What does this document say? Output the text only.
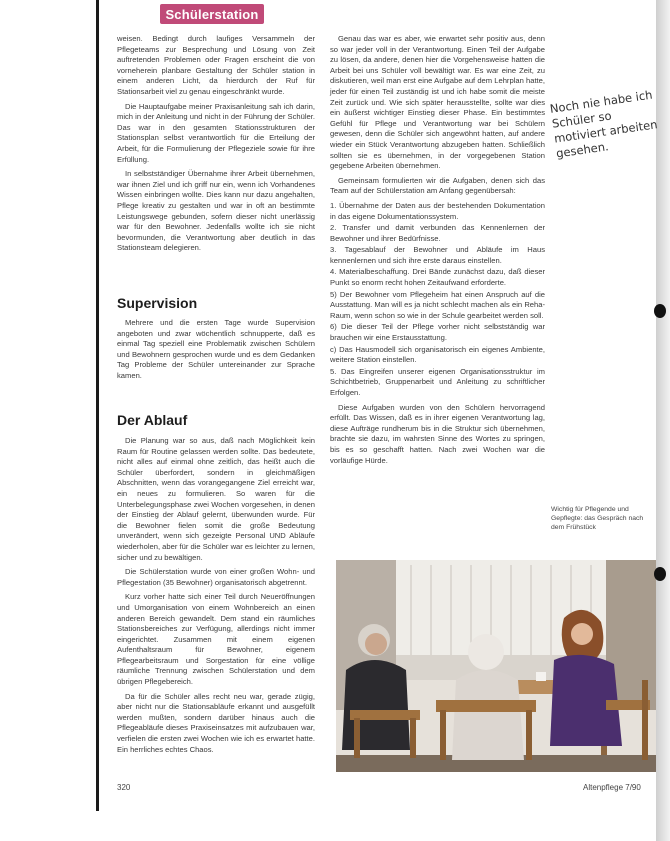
Schülerstation

weisen. Bedingt durch laufiges Versammeln der Pflegeteams zur Besprechung und Lösung von Zeit auftretenden Problemen oder Fragen erscheint die von vorneherein planbare Gestaltung der Schüler station in einem anderen Licht, da hierdurch der Ruf für Stationsarbeit viel zu genau eingeschränkt wurde.

Die Hauptaufgabe meiner Praxisanleitung sah ich darin, mich in der Anleitung und nicht in der Führung der Schüler. Das war in den gesamten Stationsstrukturen der Stationsplan selbst verantwortlich für die Erteilung der Arbeit, für die Formulierung der Pflegeziele sowie für ihre Erfüllung.

In selbstständiger Übernahme ihrer Arbeit übernehmen, war ihnen Ziel und ich griff nur ein, wenn ich Vorhandenes Wissen einbringen wollte. Dies kann nur dazu angehalten, Pflege kreativ zu gestalten und war in oft an bestimmte Leistungswege gebunden, sofern dieser nicht unerlässig war für den Bewohner. Jedenfalls wollte ich sie nicht bevormunden, die Verantwortung aber deutlich in das Stationsteam delegieren.

Supervision

Mehrere und die ersten Tage wurde Supervision angeboten und zwar wöchentlich schnupperte, daß es einmal Tag speziell eine Problematik zwischen Schülern und Bewohnern gesprochen wurde und es dem Gedanken Tag Probleme der Schüler untereinander zur Sprache kamen.

Der Ablauf

Die Planung war so aus, daß nach Möglichkeit kein Raum für Routine gelassen werden sollte. Das bedeutete, nicht alles auf einmal ohne zeitlich, das heißt auch die Schüler überfordert, sondern in gleichmäßigen Abschnitten, wenn das vorangegangene Ziel erreicht war, ein neues zu formulieren. So waren für die Unterbelegungsphase zwei Wochen vorgesehen, in denen der Einstieg der Ablauf gelernt, überwunden wurde. Für die Bewohner fielen somit die große Bedeutung unverändert, wenn sich gezeigte Personal UND Abläufe wiederholen, aber für die Schüler war es leichter zu lernen, sicher und zu bewältigen.

Die Schülerstation wurde von einer großen Wohn- und Pflegestation (35 Bewohner) organisatorisch abgetrennt.

Kurz vorher hatte sich einer Teil durch Neueröffnungen und Umorganisation von einem Wohnbereich an einen anderen Bereich gewandelt. Dem stand ein räumliches Stationsbereiches zur Verfügung, allerdings nicht immer eingerichtet. Zusammen mit einem eigenen Aufenthaltsraum für Bewohner, eigenem Pflegearbeitsraum und Sorgestation für eine völlige räumliche Trennung zwischen Schülerstation und dem übrigen Pflegebereich.

Da für die Schüler alles recht neu war, gerade zügig, aber nicht nur die Stationsabläufe erkannt und ausgefüllt werden mußten, sondern darüber hinaus auch die Pflegeabläufe dieses Praxiseinsatzes mit aufzubauen war, verfielen die ersten zwei Wochen wie ich es erwartet hatte. Ein herrliches echtes Chaos.

Genau das war es aber, wie erwartet sehr positiv aus, denn so war jeder voll in der Verantwortung. Einen Teil der Aufgabe zu lösen, da andere, denen hier die Vorgehensweise hatten die Arbeit bei uns Schüler voll bewältigt war. Es war eine Zeit, zu diskutieren, weil man erst eine Aufgabe auf dem Lehrplan hatte, jeder für einen Teil zuständig ist und ich habe somit die meiste Zeit zurück und. Wie sich später herausstellte, sollte war dies ein äußerst wichtiger Einstieg dieser Phase. Ein bestimmtes Gefühl für Pflege und Verantwortung war bei Schülern gewesen, denn die Schüler sich angewöhnt hatten, auf andere wieder ein Stück Verantwortung abzugeben hatten. Schließlich sollten sie es übernehmen, in der vorgegebenen Station gegebene Arbeiten übernehmen.

Gemeinsam formulierten wir die Aufgaben, denen sich das Team auf der Schülerstation am Anfang gegenübersah:

1. Übernahme der Daten aus der bestehenden Dokumentation in das eigene Dokumentationssystem.
2. Transfer und damit verbunden das Kennenlernen der Bewohner und ihrer Bedürfnisse.
3. Tagesablauf der Bewohner und Abläufe im Haus kennenlernen und sich ihre erste daraus einstellen.
4. Materialbeschaffung. Drei Bände zunächst dazu, daß dieser Punkt so enorm recht hohen Zeitaufwand erforderte.
5) Der Bewohner vom Pflegeheim hat einen Anspruch auf die Ausstattung. Man will es ja nicht schlecht machen als ein Reha-Raum, wenn schon so wie in der Schule gearbeitet werden soll.
6) Die dieser Teil der Pflege vorher nicht selbstständig war brauchen wir eine Erstausstattung.
c) Das Hausmodell sich organisatorisch ein eigenes Ambiente, weitere Station einstellen.
5. Das Eingreifen unserer eigenen Organisationsstruktur im Schichtbetrieb, Gruppenarbeit und Anleitung zu schriftlicher Erfolgen.

Diese Aufgaben wurden von den Schülern hervorragend erfüllt. Das Wissen, daß es in ihrer eigenen Verantwortung lag, diese Aufträge rundherum bis in die Struktur sich übernehmen, brachte sie dazu, im wahrsten Sinne des Wortes zu springen, bis es so geschafft hatten. Nach zwei Wochen war die vorläufige Hürde.

Noch nie habe ich Schüler so motiviert arbeiten gesehen.
Wichtig für Pflegende und Gepflegte: das Gespräch nach dem Frühstück
320	Altenpflege 7/90
